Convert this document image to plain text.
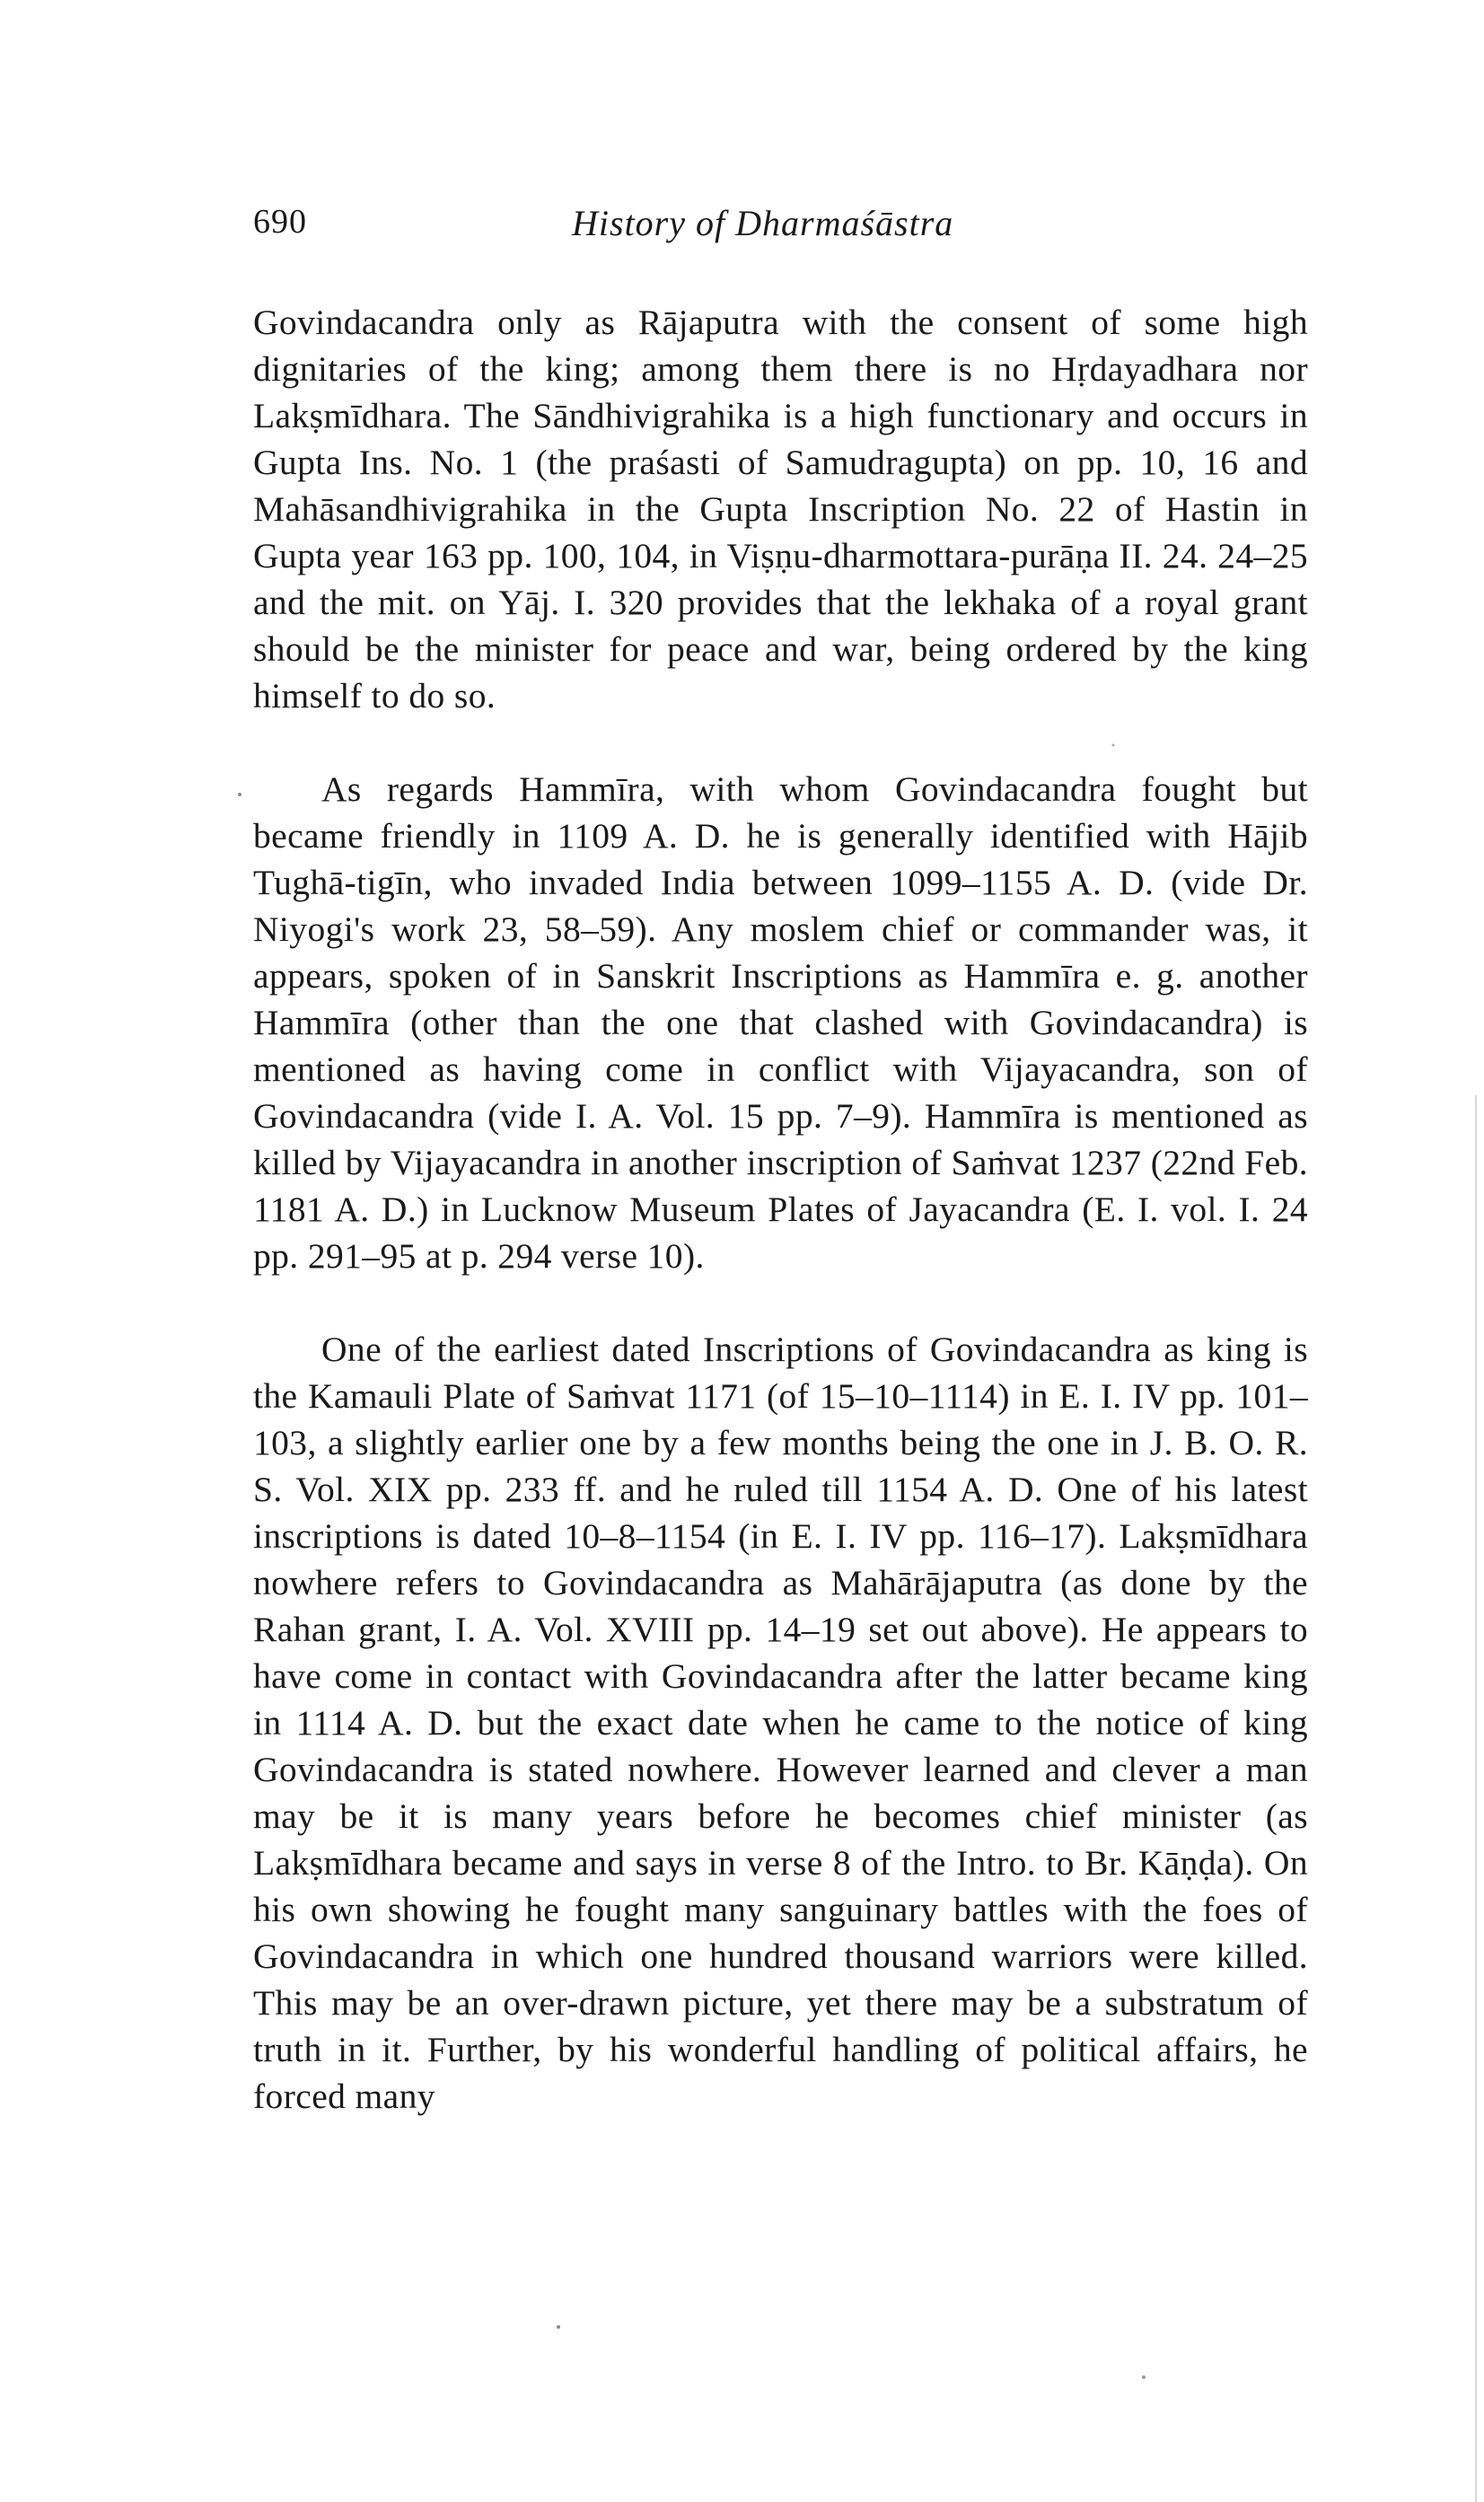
690	History of Dharmaśāstra

Govindacandra only as Rājaputra with the consent of some high dignitaries of the king; among them there is no Hṛdayadhara nor Lakṣmīdhara. The Sāndhivigrahika is a high functionary and occurs in Gupta Ins. No. 1 (the praśasti of Samudragupta) on pp. 10, 16 and Mahāsandhivigrahika in the Gupta Inscription No. 22 of Hastin in Gupta year 163 pp. 100, 104, in Viṣṇu-dharmottara-purāṇa II. 24. 24–25 and the mit. on Yāj. I. 320 provides that the lekhaka of a royal grant should be the minister for peace and war, being ordered by the king himself to do so.

As regards Hammīra, with whom Govindacandra fought but became friendly in 1109 A. D. he is generally identified with Hājib Tughā-tigīn, who invaded India between 1099–1155 A. D. (vide Dr. Niyogi's work 23, 58–59). Any moslem chief or commander was, it appears, spoken of in Sanskrit Inscriptions as Hammīra e. g. another Hammīra (other than the one that clashed with Govindacandra) is mentioned as having come in conflict with Vijayacandra, son of Govindacandra (vide I. A. Vol. 15 pp. 7–9). Hammīra is mentioned as killed by Vijayacandra in another inscription of Saṁvat 1237 (22nd Feb. 1181 A. D.) in Lucknow Museum Plates of Jayacandra (E. I. vol. I. 24 pp. 291–95 at p. 294 verse 10).

One of the earliest dated Inscriptions of Govindacandra as king is the Kamauli Plate of Saṁvat 1171 (of 15–10–1114) in E. I. IV pp. 101–103, a slightly earlier one by a few months being the one in J. B. O. R. S. Vol. XIX pp. 233 ff. and he ruled till 1154 A. D. One of his latest inscriptions is dated 10–8–1154 (in E. I. IV pp. 116–17). Lakṣmīdhara nowhere refers to Govindacandra as Mahārājaputra (as done by the Rahan grant, I. A. Vol. XVIII pp. 14–19 set out above). He appears to have come in contact with Govindacandra after the latter became king in 1114 A. D. but the exact date when he came to the notice of king Govindacandra is stated nowhere. However learned and clever a man may be it is many years before he becomes chief minister (as Lakṣmīdhara became and says in verse 8 of the Intro. to Br. Kāṇḍa). On his own showing he fought many sanguinary battles with the foes of Govindacandra in which one hundred thousand warriors were killed. This may be an over-drawn picture, yet there may be a substratum of truth in it. Further, by his wonderful handling of political affairs, he forced many
